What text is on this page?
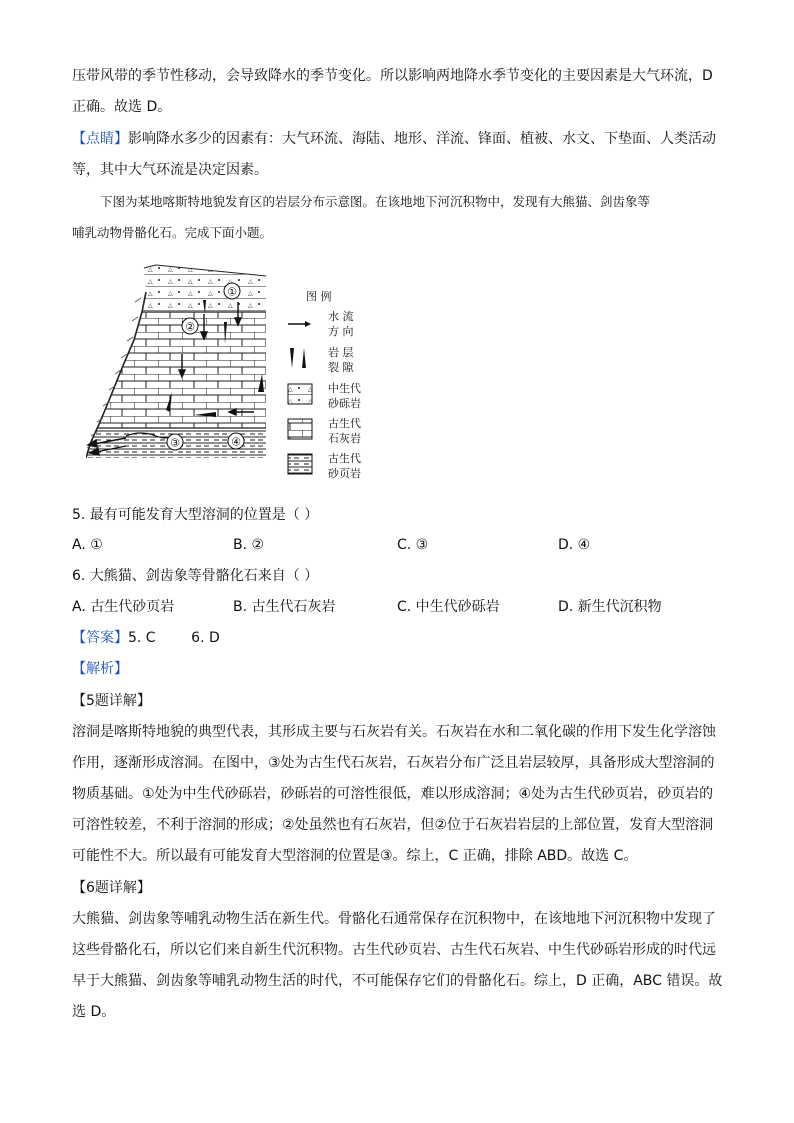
压带风带的季节性移动，会导致降水的季节变化。所以影响两地降水季节变化的主要因素是大气环流，D
正确。故选 D。
【点睛】影响降水多少的因素有：大气环流、海陆、地形、洋流、锋面、植被、水文、下垫面、人类活动
等，其中大气环流是决定因素。
下图为某地喀斯特地貌发育区的岩层分布示意图。在该地地下河沉积物中，发现有大熊猫、剑齿象等
哺乳动物骨骼化石。完成下面小题。
①
②
③	④
图 例
水 流
方 向
岩 层
裂 隙
中生代
砂砾岩
古生代
石灰岩
古生代
砂页岩
5. 最有可能发育大型溶洞的位置是（ ）
A. ①	B. ②	C. ③	D. ④
6. 大熊猫、剑齿象等骨骼化石来自（ ）
A. 古生代砂页岩	B. 古生代石灰岩	C. 中生代砂砾岩	D. 新生代沉积物
【答案】5. C        6. D
【解析】
【5题详解】
溶洞是喀斯特地貌的典型代表，其形成主要与石灰岩有关。石灰岩在水和二氧化碳的作用下发生化学溶蚀
作用，逐渐形成溶洞。在图中，③处为古生代石灰岩，石灰岩分布广泛且岩层较厚，具备形成大型溶洞的
物质基础。①处为中生代砂砾岩，砂砾岩的可溶性很低，难以形成溶洞；④处为古生代砂页岩，砂页岩的
可溶性较差，不利于溶洞的形成；②处虽然也有石灰岩，但②位于石灰岩岩层的上部位置，发育大型溶洞
可能性不大。所以最有可能发育大型溶洞的位置是③。综上，C 正确，排除 ABD。故选 C。
【6题详解】
大熊猫、剑齿象等哺乳动物生活在新生代。骨骼化石通常保存在沉积物中，在该地地下河沉积物中发现了
这些骨骼化石，所以它们来自新生代沉积物。古生代砂页岩、古生代石灰岩、中生代砂砾岩形成的时代远
早于大熊猫、剑齿象等哺乳动物生活的时代，不可能保存它们的骨骼化石。综上，D 正确，ABC 错误。故
选 D。
